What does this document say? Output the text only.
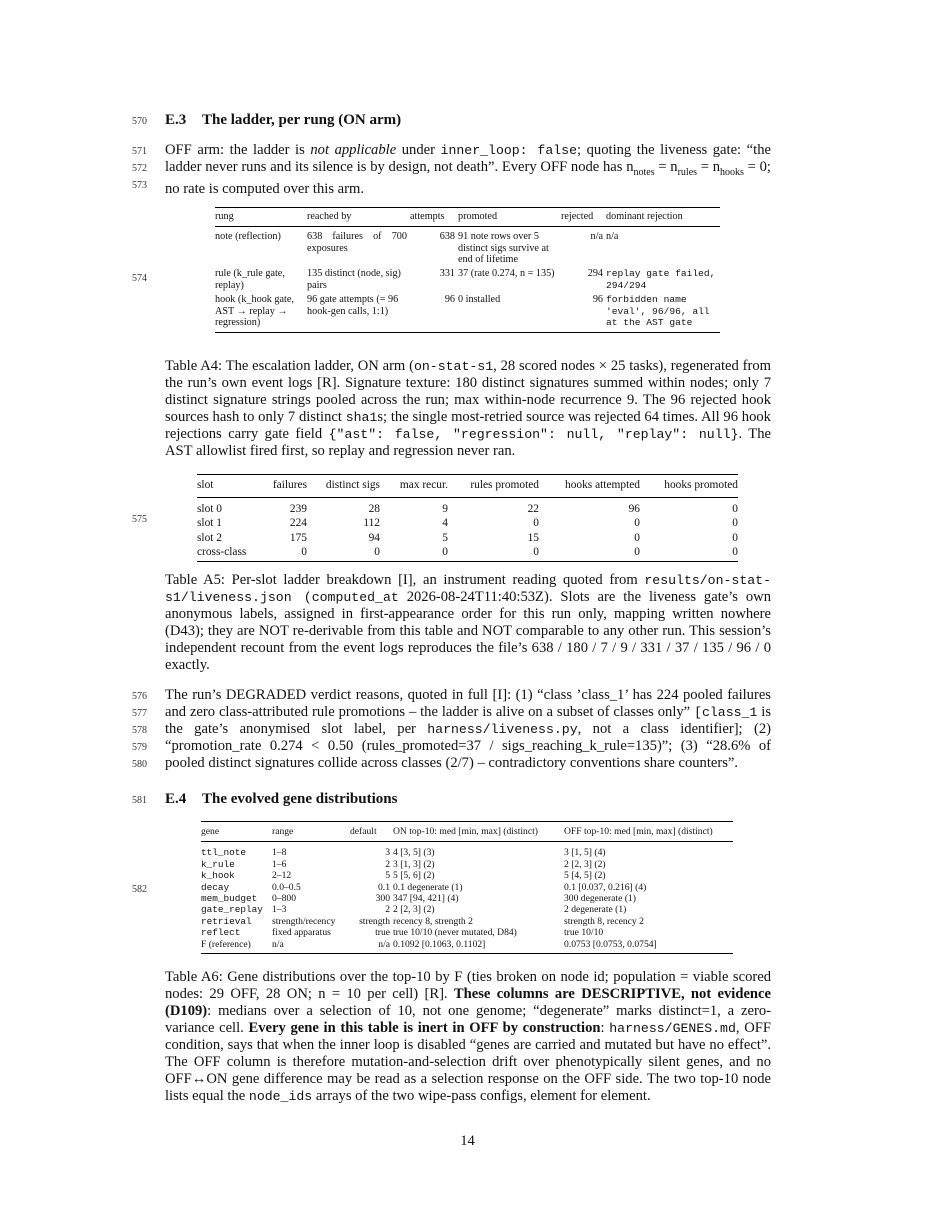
570
571
572
573
574
575
576
577
578
579
580
581
582
E.3 The ladder, per rung (ON arm)
OFF arm: the ladder is not applicable under inner_loop: false; quoting the liveness gate: “the ladder never runs and its silence is by design, not death”. Every OFF node has $n_{notes} = n_{rules} = n_{hooks} = 0$; no rate is computed over this arm.
rung	reached by	attempts	promoted	rejected	dominant rejection
note (reflection)	638 failures of 700 exposures	638	91 note rows over 5 distinct sigs survive at end of lifetime	n/a	n/a
rule (k_rule gate, replay)	135 distinct (node, sig) pairs	331	37 (rate 0.274, n = 135)	294	replay gate failed, 294/294
hook (k_hook gate, AST → replay → regression)	96 gate attempts (= 96 hook-gen calls, 1:1)	96	0 installed	96	forbidden name 'eval', 96/96, all at the AST gate
Table A4: The escalation ladder, ON arm (on-stat-s1, 28 scored nodes × 25 tasks), regenerated from the run’s own event logs [R]. Signature texture: 180 distinct signatures summed within nodes; only 7 distinct signature strings pooled across the run; max within-node recurrence 9. The 96 rejected hook sources hash to only 7 distinct sha1s; the single most-retried source was rejected 64 times. All 96 hook rejections carry gate field {"ast": false, "regression": null, "replay": null}. The AST allowlist fired first, so replay and regression never ran.
slot	failures	distinct sigs	max recur.	rules promoted	hooks attempted	hooks promoted
slot 0	239	28	9	22	96	0
slot 1	224	112	4	0	0	0
slot 2	175	94	5	15	0	0
cross-class	0	0	0	0	0	0
Table A5: Per-slot ladder breakdown [I], an instrument reading quoted from results/on-stat-s1/liveness.json (computed_at 2026-08-24T11:40:53Z). Slots are the liveness gate’s own anonymous labels, assigned in first-appearance order for this run only, mapping written nowhere (D43); they are NOT re-derivable from this table and NOT comparable to any other run. This session’s independent recount from the event logs reproduces the file’s 638 / 180 / 7 / 9 / 331 / 37 / 135 / 96 / 0 exactly.
The run’s DEGRADED verdict reasons, quoted in full [I]: (1) “class ’class_1’ has 224 pooled failures and zero class-attributed rule promotions – the ladder is alive on a subset of classes only” [class_1 is the gate’s anonymised slot label, per harness/liveness.py, not a class identifier]; (2) “promotion_rate 0.274 < 0.50 (rules_promoted=37 / sigs_reaching_k_rule=135)”; (3) “28.6% of pooled distinct signatures collide across classes (2/7) – contradictory conventions share counters”.
E.4 The evolved gene distributions
gene	range	default	ON top-10: med [min, max] (distinct)	OFF top-10: med [min, max] (distinct)
ttl_note	1–8	3	4 [3, 5] (3)	3 [1, 5] (4)
k_rule	1–6	2	3 [1, 3] (2)	2 [2, 3] (2)
k_hook	2–12	5	5 [5, 6] (2)	5 [4, 5] (2)
decay	0.0–0.5	0.1	0.1 degenerate (1)	0.1 [0.037, 0.216] (4)
mem_budget	0–800	300	347 [94, 421] (4)	300 degenerate (1)
gate_replay	1–3	2	2 [2, 3] (2)	2 degenerate (1)
retrieval	strength/recency	strength	recency 8, strength 2	strength 8, recency 2
reflect	fixed apparatus	true	true 10/10 (never mutated, D84)	true 10/10
F (reference)	n/a	n/a	0.1092 [0.1063, 0.1102]	0.0753 [0.0753, 0.0754]
Table A6: Gene distributions over the top-10 by F (ties broken on node id; population = viable scored nodes: 29 OFF, 28 ON; n = 10 per cell) [R]. These columns are DESCRIPTIVE, not evidence (D109): medians over a selection of 10, not one genome; “degenerate” marks distinct=1, a zero-variance cell. Every gene in this table is inert in OFF by construction: harness/GENES.md, OFF condition, says that when the inner loop is disabled “genes are carried and mutated but have no effect”. The OFF column is therefore mutation-and-selection drift over phenotypically silent genes, and no OFF↔ON gene difference may be read as a selection response on the OFF side. The two top-10 node lists equal the node_ids arrays of the two wipe-pass configs, element for element.
14
